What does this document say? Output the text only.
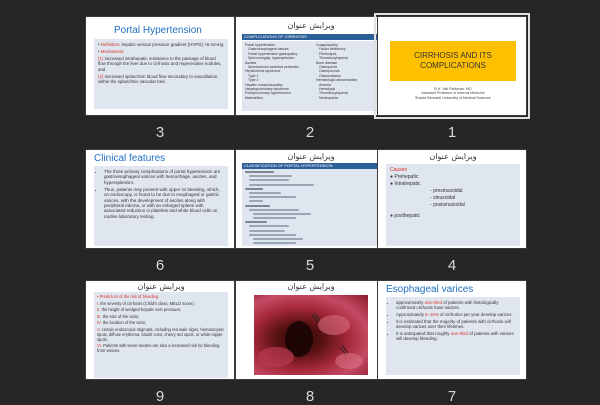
Portal Hypertension

• Definition: hepatic venous pressure gradient (HVPG) >5 mmHg

• Mechanism:

(1) increased intrahepatic resistance to the passage of blood flow through the liver due to cirrhosis and regenerative nodules, and

(2) increased splanchnic blood flow secondary to vasodilation within the splanchnic vascular bed.

3
ویرایش عنوان
COMPLICATIONS OF CIRRHOSIS
Portal hypertension
Gastroesophageal varices
Portal hypertensive gastropathy
Splenomegaly, hypersplenism
Ascites
Spontaneous bacterial peritonitis
Hepatorenal syndrome
Type 1
Type 2
Hepatic encephalopathy
Hepatopulmonary syndrome
Portopulmonary hypertension
Malnutrition
Coagulopathy
Factor deficiency
Fibrinolysis
Thrombocytopenia
Bone disease
Osteopenia
Osteoporosis
Osteomalacia
Hematologic abnormalities
Anemia
Hemolysis
Thrombocytopenia
Neutropenia
2
CIRRHOSIS AND ITS COMPLICATIONS
B.H. Vali Pahlavan, MD
Assistant Professor of Internal Medicine
Shahid Beheshti University of Medical Sciences
1
Clinical features
• The three primary complications of portal hypertension are gastroesophageal varices with hemorrhage, ascites, and hypersplenism.
• Thus, patients may present with upper GI bleeding, which, on endoscopy, is found to be due to esophageal or gastric varices, with the development of ascites along with peripheral edema, or with an enlarged spleen with associated reduction in platelets and white blood cells on routine laboratory testing.
6
ویرایش عنوان
CLASSIFICATION OF PORTAL HYPERTENSION
5
ویرایش عنوان
Causes
● Prehepatic
● Intrahepatic
- presinusoidal
- sinusoidal
- postsinusoidal
● posthepatic
4
ویرایش عنوان

• Predictors of the risk of bleeding

I. the severity of cirrhosis (Child's class, MELD score);

II. the height of wedged-hepatic vein pressure;

III. the size of the varix;

IV. the location of the varix;

V. certain endoscopic stigmata, including red wale signs, hematocystic spots, diffuse erythema, bluish color, cherry red spots, or white-nipple spots.

VI. Patients with tense ascites are also a increased risk for bleeding from varices.

9
ویرایش عنوان
8
Esophageal varices
• approximately one-third of patients with histologically confirmed cirrhosis have varices.
• Approximately 5–15% of cirrhotics per year develop varices.
• it is estimated that the majority of patients with cirrhosis will develop varices over their lifetimes.
• It is anticipated that roughly one-third of patients with varices will develop bleeding.
7
